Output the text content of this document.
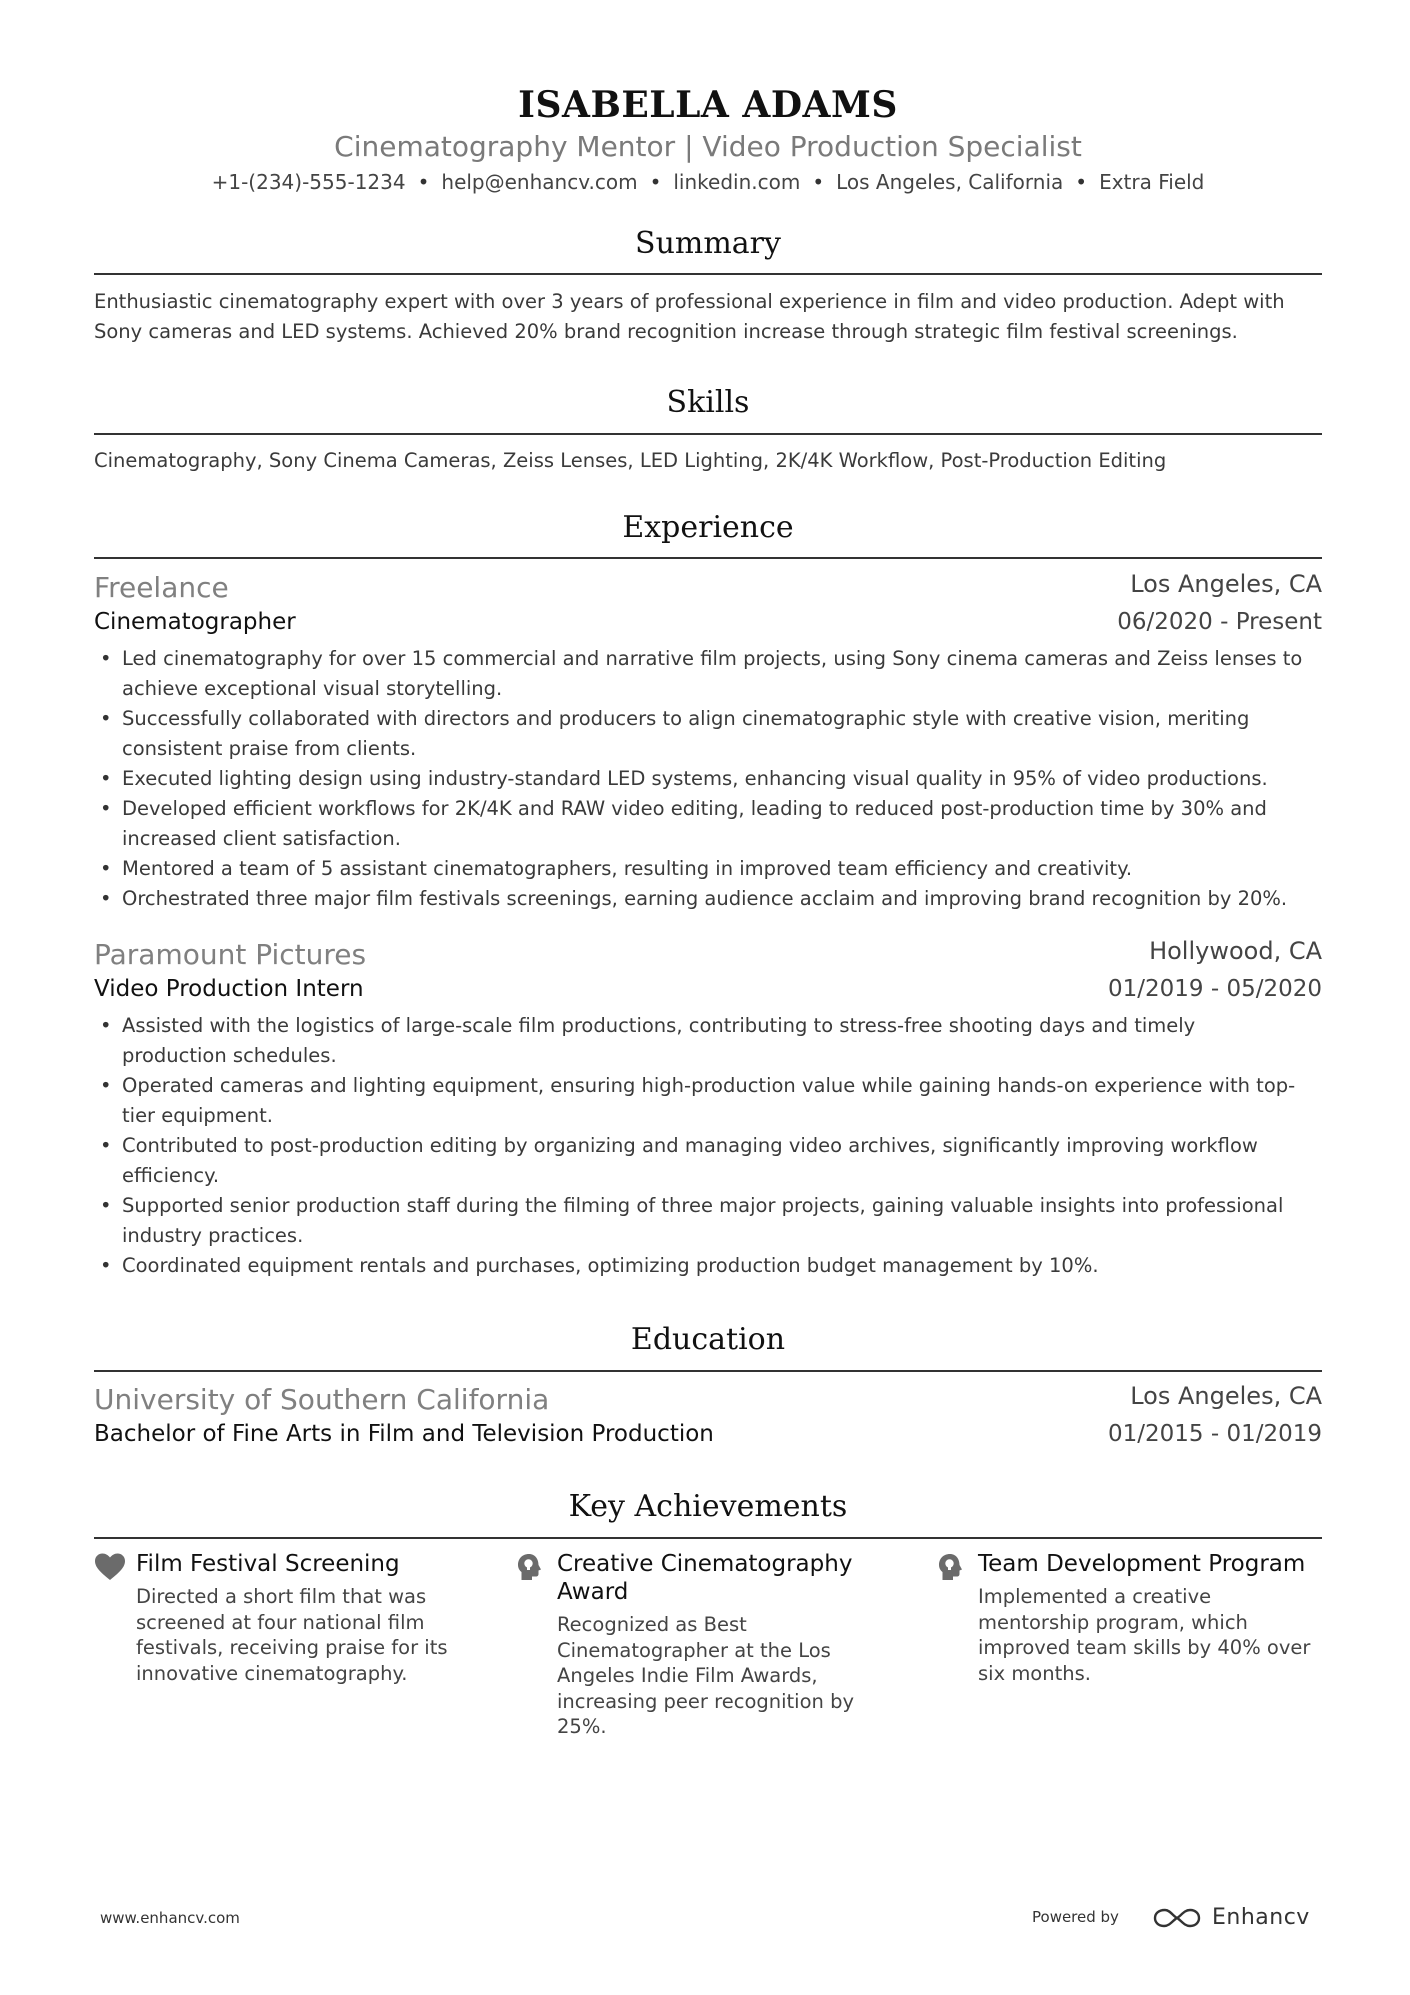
ISABELLA ADAMS
Cinematography Mentor | Video Production Specialist
+1-(234)-555-1234 • help@enhancv.com • linkedin.com • Los Angeles, California • Extra Field
Summary
Enthusiastic cinematography expert with over 3 years of professional experience in film and video production. Adept with
Sony cameras and LED systems. Achieved 20% brand recognition increase through strategic film festival screenings.
Skills
Cinematography, Sony Cinema Cameras, Zeiss Lenses, LED Lighting, 2K/4K Workflow, Post-Production Editing
Experience
Freelance	Los Angeles, CA
Cinematographer	06/2020 - Present
• Led cinematography for over 15 commercial and narrative film projects, using Sony cinema cameras and Zeiss lenses to
achieve exceptional visual storytelling.
• Successfully collaborated with directors and producers to align cinematographic style with creative vision, meriting
consistent praise from clients.
• Executed lighting design using industry-standard LED systems, enhancing visual quality in 95% of video productions.
• Developed efficient workflows for 2K/4K and RAW video editing, leading to reduced post-production time by 30% and
increased client satisfaction.
• Mentored a team of 5 assistant cinematographers, resulting in improved team efficiency and creativity.
• Orchestrated three major film festivals screenings, earning audience acclaim and improving brand recognition by 20%.
Paramount Pictures	Hollywood, CA
Video Production Intern	01/2019 - 05/2020
• Assisted with the logistics of large-scale film productions, contributing to stress-free shooting days and timely
production schedules.
• Operated cameras and lighting equipment, ensuring high-production value while gaining hands-on experience with top-
tier equipment.
• Contributed to post-production editing by organizing and managing video archives, significantly improving workflow
efficiency.
• Supported senior production staff during the filming of three major projects, gaining valuable insights into professional
industry practices.
• Coordinated equipment rentals and purchases, optimizing production budget management by 10%.
Education
University of Southern California	Los Angeles, CA
Bachelor of Fine Arts in Film and Television Production	01/2015 - 01/2019
Key Achievements
Film Festival Screening
Directed a short film that was
screened at four national film
festivals, receiving praise for its
innovative cinematography.
Creative Cinematography
Award
Recognized as Best
Cinematographer at the Los
Angeles Indie Film Awards,
increasing peer recognition by
25%.
Team Development Program
Implemented a creative
mentorship program, which
improved team skills by 40% over
six months.
www.enhancv.com	Powered by	Enhancv
